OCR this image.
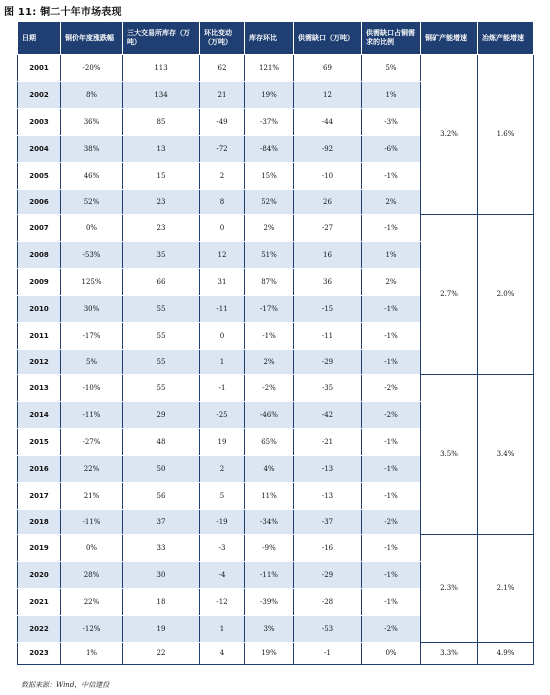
图 11: 铜二十年市场表现
日期	铜价年度涨跌幅	三大交易所库存（万吨）	环比变动（万吨）	库存环比	供需缺口（万吨）	供需缺口占铜需求的比例	铜矿产能增速	冶炼产能增速
2001	-20%	113	62	121%	69	5%	3.2%	1.6%
2002	8%	134	21	19%	12	1%		
2003	36%	85	-49	-37%	-44	-3%		
2004	38%	13	-72	-84%	-92	-6%		
2005	46%	15	2	15%	-10	-1%		
2006	52%	23	8	52%	26	2%		
2007	0%	23	0	2%	-27	-1%	2.7%	2.0%
2008	-53%	35	12	51%	16	1%		
2009	125%	66	31	87%	36	2%		
2010	30%	55	-11	-17%	-15	-1%		
2011	-17%	55	0	-1%	-11	-1%		
2012	5%	55	1	2%	-29	-1%		
2013	-10%	55	-1	-2%	-35	-2%	3.5%	3.4%
2014	-11%	29	-25	-46%	-42	-2%		
2015	-27%	48	19	65%	-21	-1%		
2016	22%	50	2	4%	-13	-1%		
2017	21%	56	5	11%	-13	-1%		
2018	-11%	37	-19	-34%	-37	-2%		
2019	0%	33	-3	-9%	-16	-1%	2.3%	2.1%
2020	28%	30	-4	-11%	-29	-1%		
2021	22%	18	-12	-39%	-28	-1%		
2022	-12%	19	1	3%	-53	-2%		
2023	1%	22	4	19%	-1	0%	3.3%	4.9%
数据来源：Wind，中信建投
